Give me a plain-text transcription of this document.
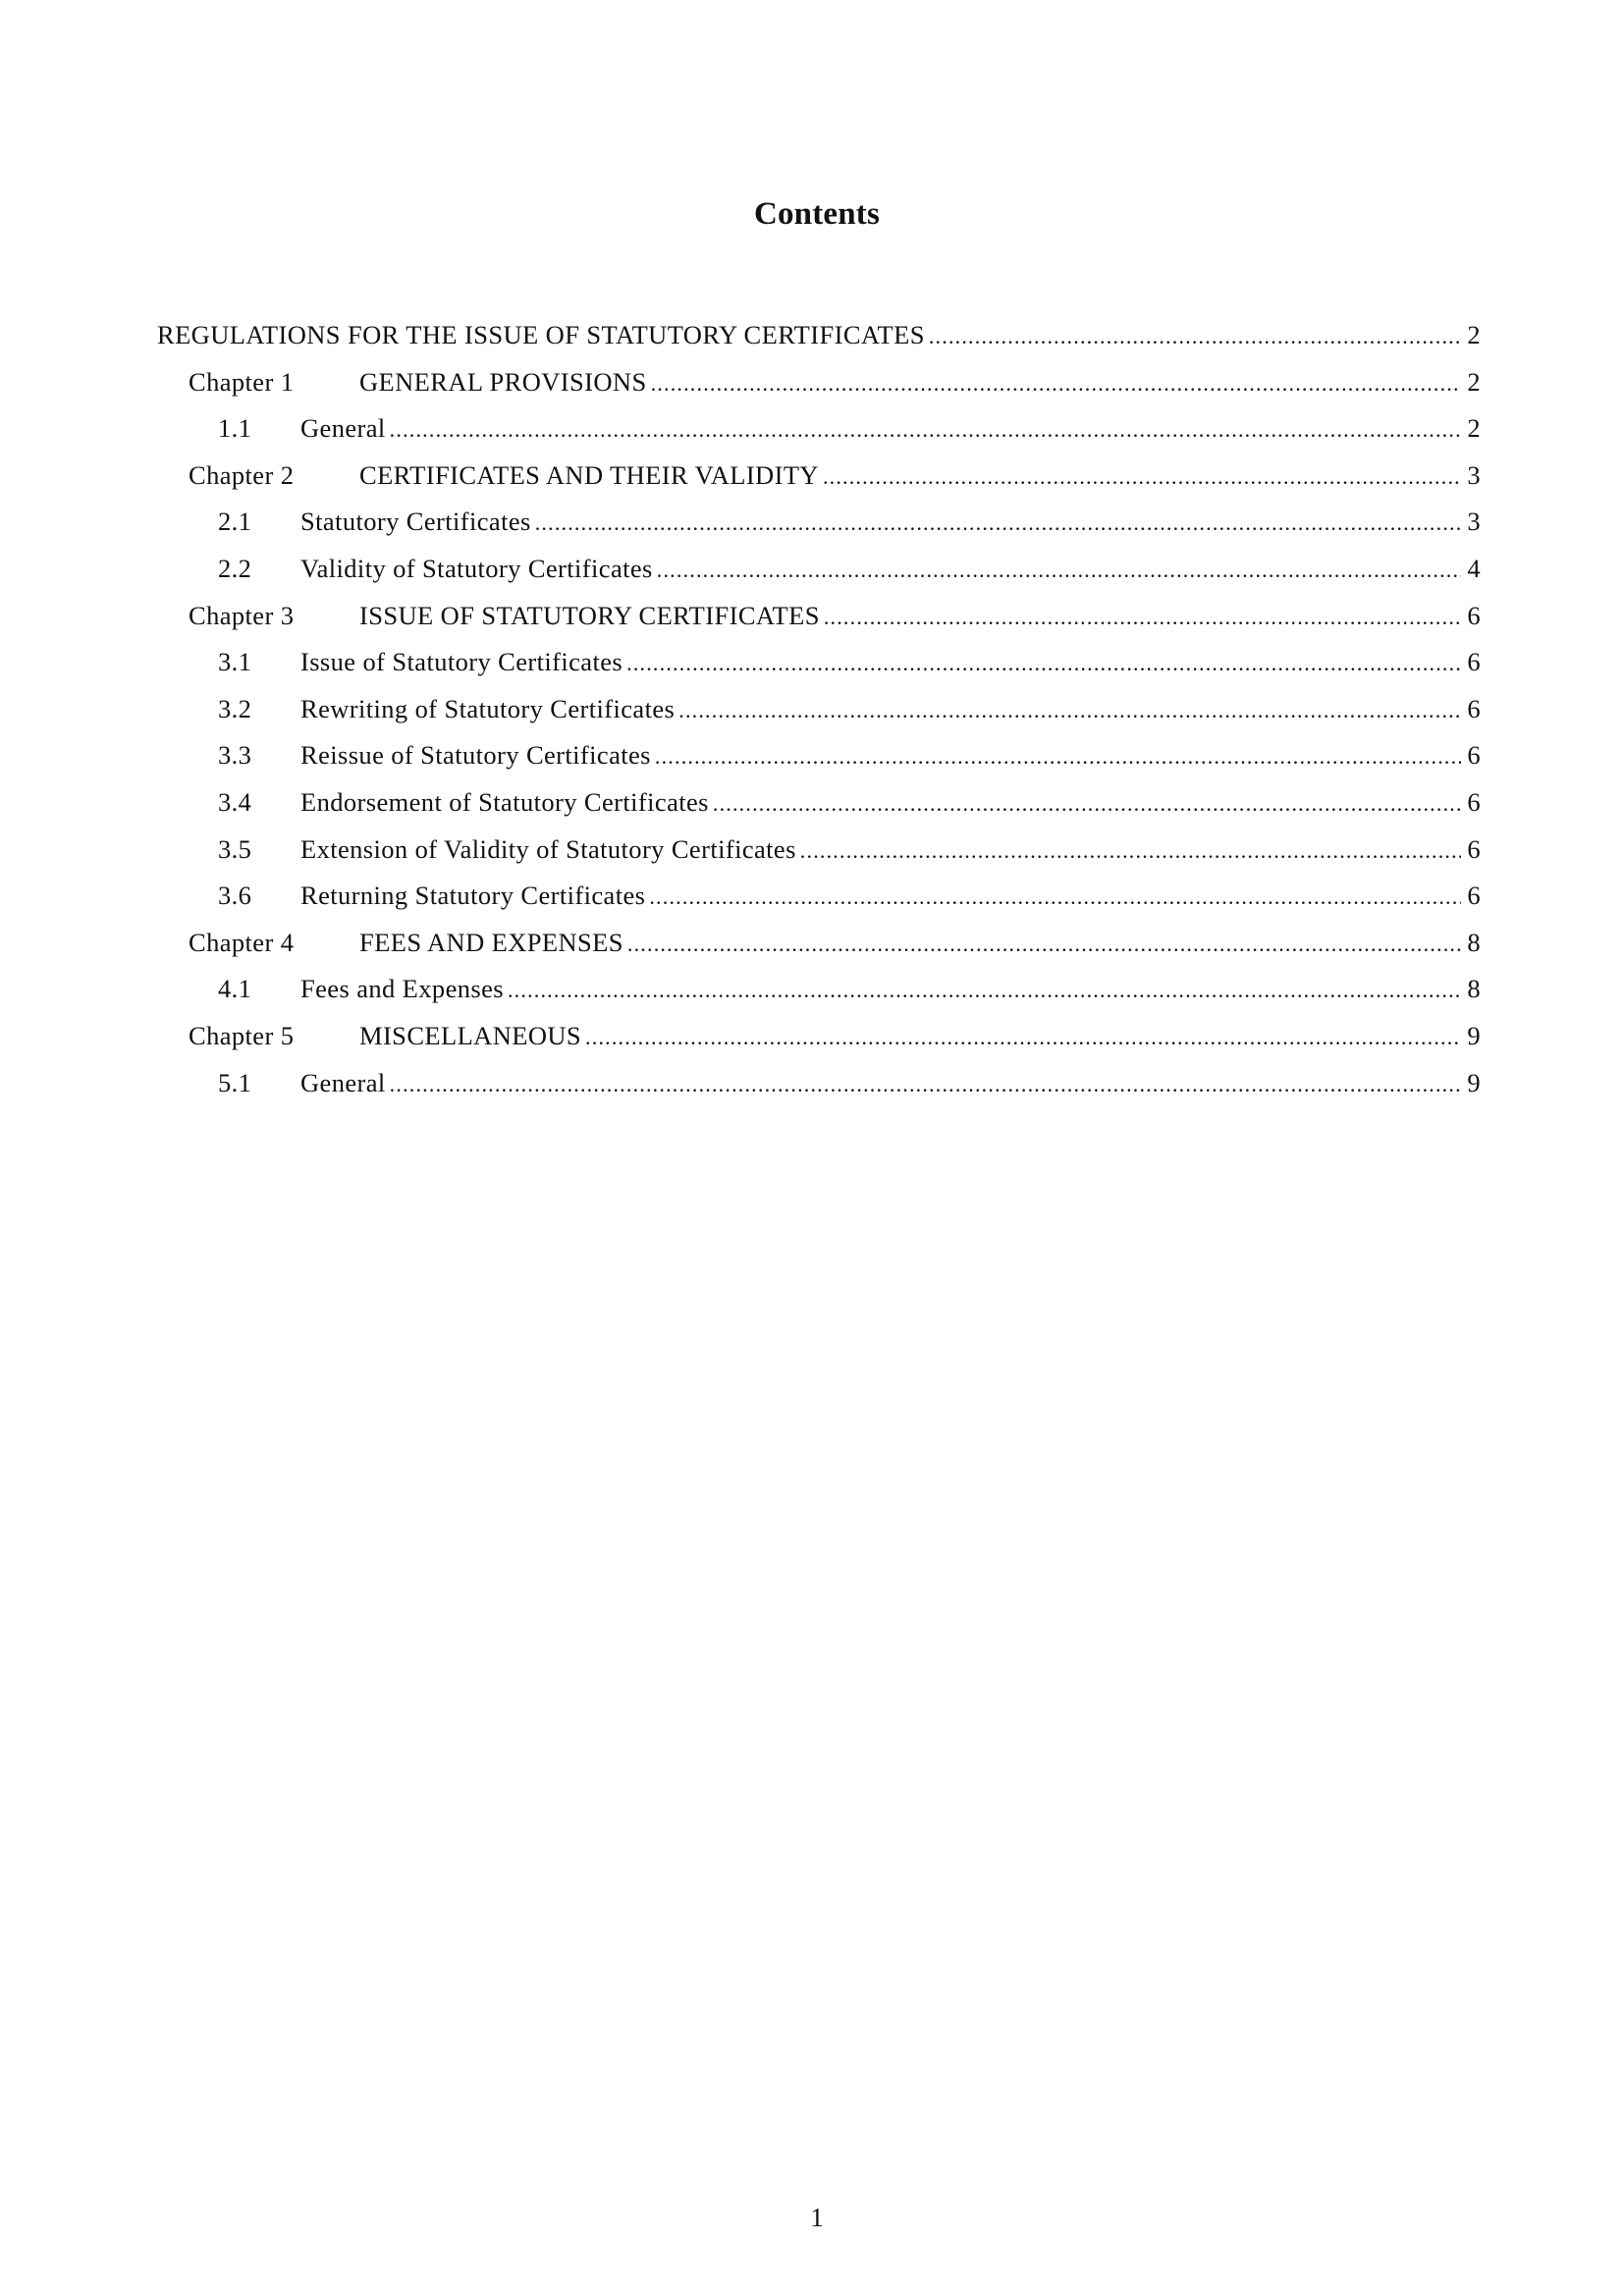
Contents
REGULATIONS FOR THE ISSUE OF STATUTORY CERTIFICATES .....	2
Chapter 1	GENERAL PROVISIONS .....	2
1.1	General .....	2
Chapter 2	CERTIFICATES AND THEIR VALIDITY .....	3
2.1	Statutory Certificates .....	3
2.2	Validity of Statutory Certificates .....	4
Chapter 3	ISSUE OF STATUTORY CERTIFICATES .....	6
3.1	Issue of Statutory Certificates .....	6
3.2	Rewriting of Statutory Certificates .....	6
3.3	Reissue of Statutory Certificates .....	6
3.4	Endorsement of Statutory Certificates .....	6
3.5	Extension of Validity of Statutory Certificates .....	6
3.6	Returning Statutory Certificates .....	6
Chapter 4	FEES AND EXPENSES .....	8
4.1	Fees and Expenses .....	8
Chapter 5	MISCELLANEOUS .....	9
5.1	General .....	9
1
